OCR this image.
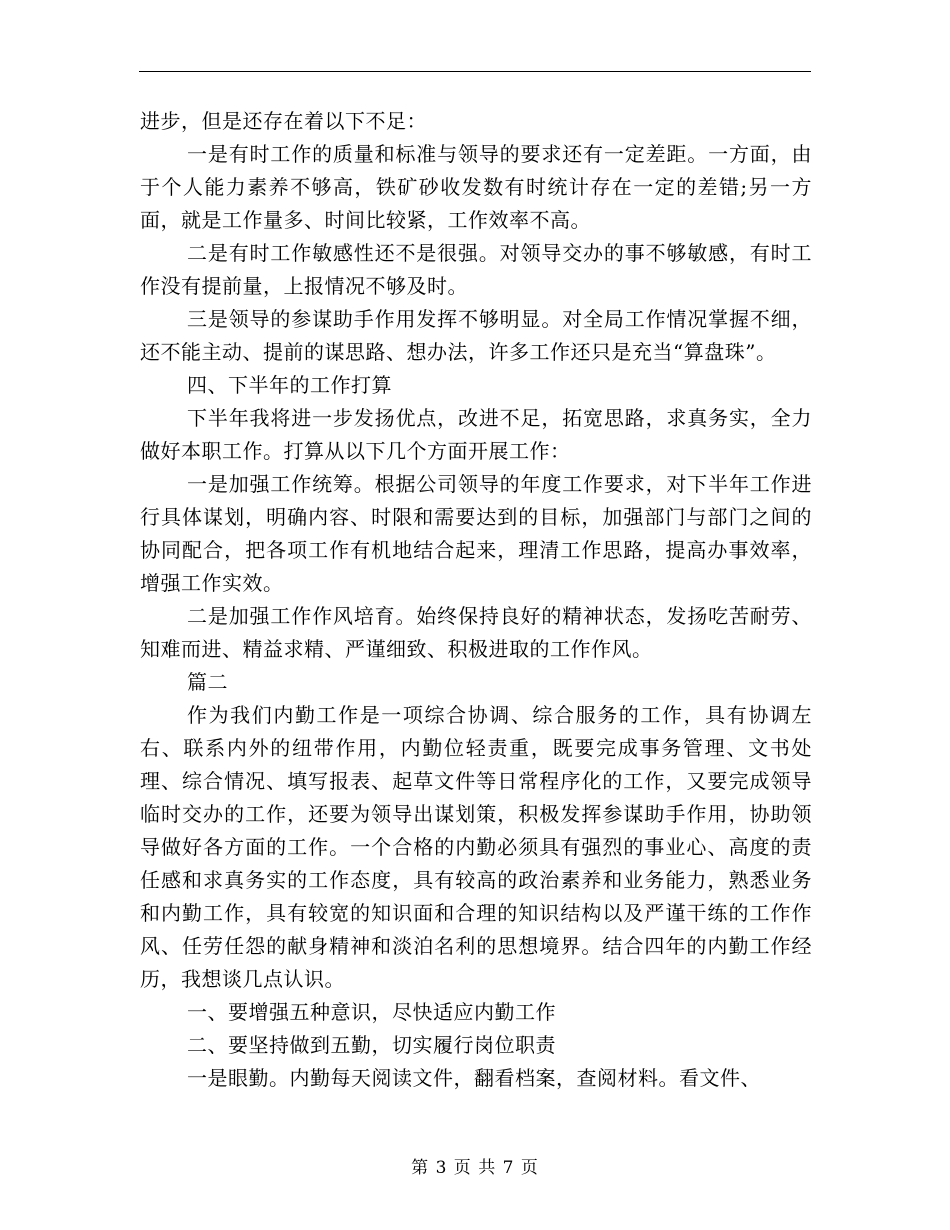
进步，但是还存在着以下不足：

一是有时工作的质量和标准与领导的要求还有一定差距。一方面，由于个人能力素养不够高，铁矿砂收发数有时统计存在一定的差错;另一方面，就是工作量多、时间比较紧，工作效率不高。

二是有时工作敏感性还不是很强。对领导交办的事不够敏感，有时工作没有提前量，上报情况不够及时。

三是领导的参谋助手作用发挥不够明显。对全局工作情况掌握不细，还不能主动、提前的谋思路、想办法，许多工作还只是充当“算盘珠”。

四、下半年的工作打算

下半年我将进一步发扬优点，改进不足，拓宽思路，求真务实，全力做好本职工作。打算从以下几个方面开展工作：

一是加强工作统筹。根据公司领导的年度工作要求，对下半年工作进行具体谋划，明确内容、时限和需要达到的目标，加强部门与部门之间的协同配合，把各项工作有机地结合起来，理清工作思路，提高办事效率，增强工作实效。

二是加强工作作风培育。始终保持良好的精神状态，发扬吃苦耐劳、知难而进、精益求精、严谨细致、积极进取的工作作风。

篇二

作为我们内勤工作是一项综合协调、综合服务的工作，具有协调左右、联系内外的纽带作用，内勤位轻责重，既要完成事务管理、文书处理、综合情况、填写报表、起草文件等日常程序化的工作，又要完成领导临时交办的工作，还要为领导出谋划策，积极发挥参谋助手作用，协助领导做好各方面的工作。一个合格的内勤必须具有强烈的事业心、高度的责任感和求真务实的工作态度，具有较高的政治素养和业务能力，熟悉业务和内勤工作，具有较宽的知识面和合理的知识结构以及严谨干练的工作作风、任劳任怨的献身精神和淡泊名利的思想境界。结合四年的内勤工作经历，我想谈几点认识。

一、要增强五种意识，尽快适应内勤工作

二、要坚持做到五勤，切实履行岗位职责

一是眼勤。内勤每天阅读文件，翻看档案，查阅材料。看文件、

第 3 页 共 7 页
